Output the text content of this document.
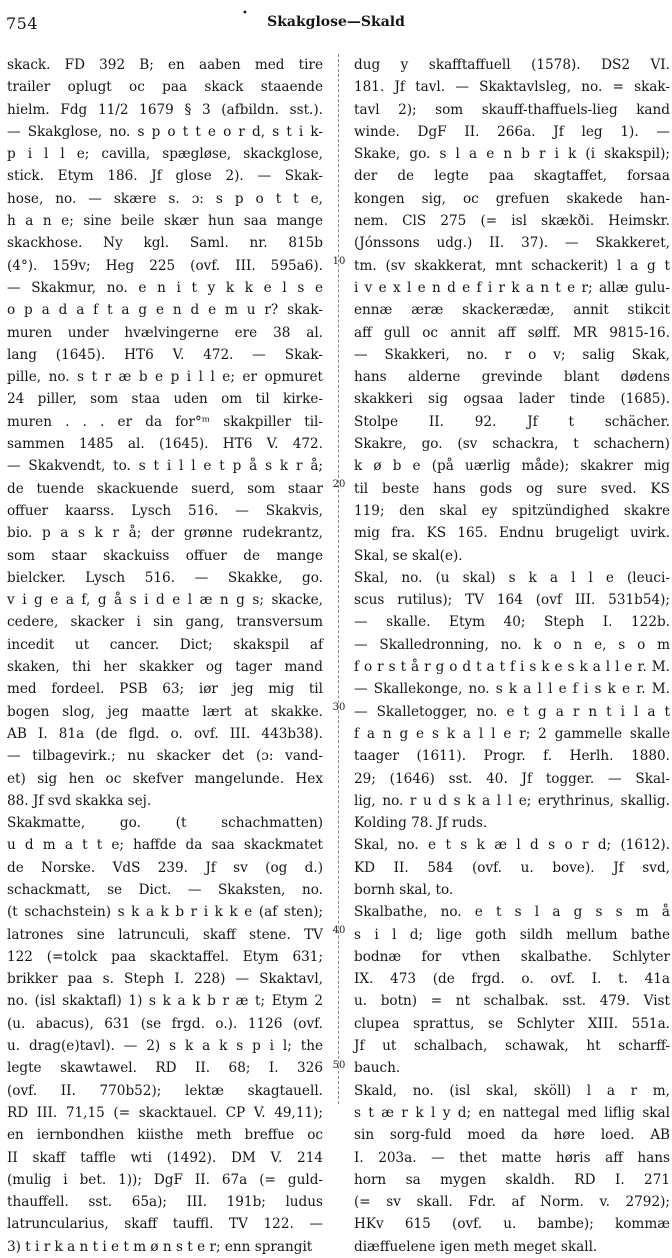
754
•
Skakglose—Skald
skack. FD 392 B; en aaben med tire
trailer oplugt oc paa skack staaende
hielm. Fdg 11/2 1679 § 3 (afbildn. sst.).
— Skakglose, no. s p o t t e o r d, s t i k-
p i l l e; cavilla, spægløse, skackglose,
stick. Etym 186. Jf glose 2). — Skak-
hose, no. — skære s. ɔ: s p o t t e,
h a n e; sine beile skær hun saa mange
skackhose. Ny kgl. Saml. nr. 815b
(4°). 159v; Heg 225 (ovf. III. 595a6).
— Skakmur, no. e n i t y k k e l s e
o p a d a f t a g e n d e m u r? skak-
muren under hvælvingerne ere 38 al.
lang (1645). HT6 V. 472. — Skak-
pille, no. s t r æ b e p i l l e; er opmuret
24 piller, som staa uden om til kirke-
muren . . . er da for°ᵐ skakpiller til-
sammen 1485 al. (1645). HT6 V. 472.
— Skakvendt, to. s t i l l e t p å s k r å;
de tuende skackuende suerd, som staar
offuer kaarss. Lysch 516. — Skakvis,
bio. p a s k r å; der grønne rudekrantz,
som staar skackuiss offuer de mange
bielcker. Lysch 516. — Skakke, go.
v i g e a f, g å s i d e l æ n g s; skacke,
cedere, skacker i sin gang, transversum
incedit ut cancer. Dict; skakspil af
skaken, thi her skakker og tager mand
med fordeel. PSB 63; iør jeg mig til
bogen slog, jeg maatte lært at skakke.
AB I. 81a (de flgd. o. ovf. III. 443b38).
— tilbagevirk.; nu skacker det (ɔ: vand-
et) sig hen oc skefver mangelunde. Hex
88. Jf svd skakka sej.
Skakmatte, go. (t schachmatten)
u d m a t t e; haffde da saa skackmatet
de Norske. VdS 239. Jf sv (og d.)
schackmatt, se Dict. — Skaksten, no.
(t schachstein) s k a k b r i k k e (af sten);
latrones sine latrunculi, skaff stene. TV
122 (=tolck paa skacktaffel. Etym 631;
brikker paa s. Steph I. 228) — Skaktavl,
no. (isl skaktafl) 1) s k a k b r æ t; Etym 2
(u. abacus), 631 (se frgd. o.). 1126 (ovf.
u. drag(e)tavl). — 2) s k a k s p i l; the
legte skawtawel. RD II. 68; I. 326
(ovf. II. 770b52); lektæ skagtauell.
RD III. 71,15 (= skacktauel. CP V. 49,11);
en iernbondhen kiisthe meth breffue oc
II skaff taffle wti (1492). DM V. 214
(mulig i bet. 1)); DgF II. 67a (= guld-
thauffell. sst. 65a); III. 191b; ludus
latruncularius, skaff tauffl. TV 122. —
3) t i r k a n t i e t m ø n s t e r; enn sprangit
dug y skafftaffuell (1578). DS2 VI.
181. Jf tavl. — Skaktavlsleg, no. = skak-
tavl 2); som skauff-thaffuels-lieg kand
winde. DgF II. 266a. Jf leg 1). —
Skake, go. s l a e n b r i k (i skakspil);
der de legte paa skagtaffet, forsaa
kongen sig, oc grefuen skakede han-
nem. ClS 275 (= isl skækði. Heimskr.
(Jónssons udg.) II. 37). — Skakkeret,
tm. (sv skakkerat, mnt schackerit) l a g t
i v e x l e n d e f i r k a n t e r; allæ gulu-
ennæ æræ skackerædæ, annit stikcit
aff gull oc annit aff sølff. MR 9815-16.
— Skakkeri, no. r o v; salig Skak,
hans alderne grevinde blant dødens
skakkeri sig ogsaa lader tinde (1685).
Stolpe II. 92. Jf t schächer.
Skakre, go. (sv schackra, t schachern)
k ø b e (på uærlig måde); skakrer mig
til beste hans gods og sure sved. KS
119; den skal ey spitzündighed skakre
mig fra. KS 165. Endnu brugeligt uvirk.
Skal, se skal(e).
Skal, no. (u skal) s k a l l e (leuci-
scus rutilus); TV 164 (ovf III. 531b54);
— skalle. Etym 40; Steph I. 122b.
— Skalledronning, no. k o n e, s o m
f o r s t å r g o d t a t f i s k e s k a l l e r. M.
— Skallekonge, no. s k a l l e f i s k e r. M.
— Skalletogger, no. e t g a r n t i l a t
f a n g e s k a l l e r; 2 gammelle skalle
taager (1611). Progr. f. Herlh. 1880.
29; (1646) sst. 40. Jf togger. — Skal-
lig, no. r u d s k a l l e; erythrinus, skallig.
Kolding 78. Jf ruds.
Skal, no. e t s k æ l d s o r d; (1612).
KD II. 584 (ovf. u. bove). Jf svd,
bornh skal, to.
Skalbathe, no. e t s l a g s s m å
s i l d; lige goth sildh mellum bathe
bodnæ for vthen skalbathe. Schlyter
IX. 473 (de frgd. o. ovf. I. t. 41a
u. botn) = nt schalbak. sst. 479. Vist
clupea sprattus, se Schlyter XIII. 551a.
Jf ut schalbach, schawak, ht scharff-
bauch.
Skald, no. (isl skal, sköll) l a r m,
s t æ r k l y d; en nattegal med liflig skal
sin sorg-fuld moed da høre loed. AB
I. 203a. — thet matte høris aff hans
horn sa mygen skaldh. RD I. 271
(= sv skall. Fdr. af Norm. v. 2792);
HKv 615 (ovf. u. bambe); kommæ
diæffuelene igen meth meget skall.
10
20
30
40
50
